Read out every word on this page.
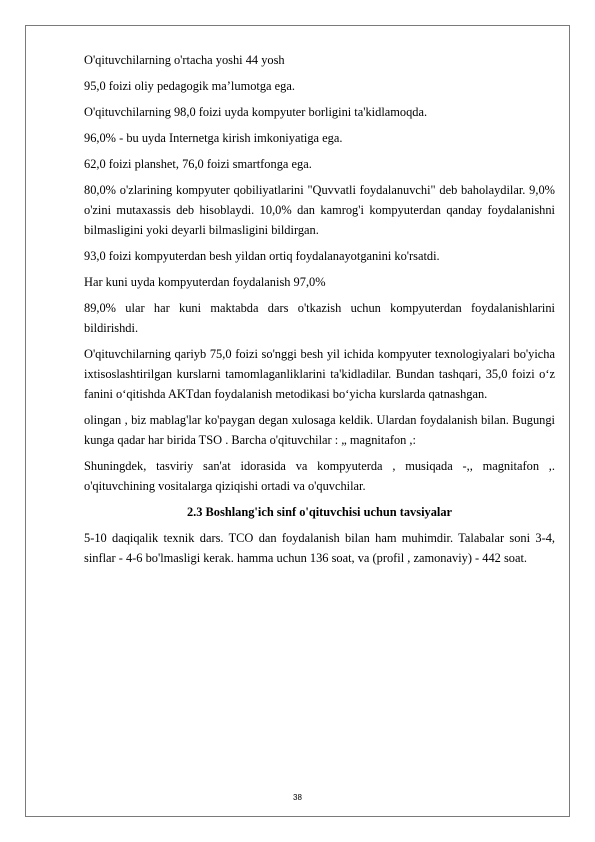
O'qituvchilarning o'rtacha yoshi 44 yosh

95,0 foizi oliy pedagogik ma’lumotga ega.

O'qituvchilarning 98,0 foizi uyda kompyuter borligini ta'kidlamoqda.

96,0% - bu uyda Internetga kirish imkoniyatiga ega.

62,0 foizi planshet, 76,0 foizi smartfonga ega.

80,0% o'zlarining kompyuter qobiliyatlarini "Quvvatli foydalanuvchi" deb baholaydilar. 9,0% o'zini mutaxassis deb hisoblaydi. 10,0% dan kamrog'i kompyuterdan qanday foydalanishni bilmasligini yoki deyarli bilmasligini bildirgan.

93,0 foizi kompyuterdan besh yildan ortiq foydalanayotganini ko'rsatdi.

Har kuni uyda kompyuterdan foydalanish 97,0%

89,0% ular har kuni maktabda dars o'tkazish uchun kompyuterdan foydalanishlarini bildirishdi.

O'qituvchilarning qariyb 75,0 foizi so'nggi besh yil ichida kompyuter texnologiyalari bo'yicha ixtisoslashtirilgan kurslarni tamomlaganliklarini ta'kidladilar. Bundan tashqari, 35,0 foizi o‘z fanini o‘qitishda AKTdan foydalanish metodikasi bo‘yicha kurslarda qatnashgan.

olingan , biz mablag'lar ko'paygan degan xulosaga keldik. Ulardan foydalanish bilan. Bugungi kunga qadar har birida TSO . Barcha o'qituvchilar : „ magnitafon ,:

Shuningdek, tasviriy san'at idorasida va kompyuterda , musiqada -,, magnitafon ,. o'qituvchining vositalarga qiziqishi ortadi va o'quvchilar.

2.3 Boshlang'ich sinf o'qituvchisi uchun tavsiyalar

5-10 daqiqalik texnik dars. TCO dan foydalanish bilan ham muhimdir. Talabalar soni 3-4, sinflar - 4-6 bo'lmasligi kerak. hamma uchun 136 soat, va (profil , zamonaviy) - 442 soat.

38
